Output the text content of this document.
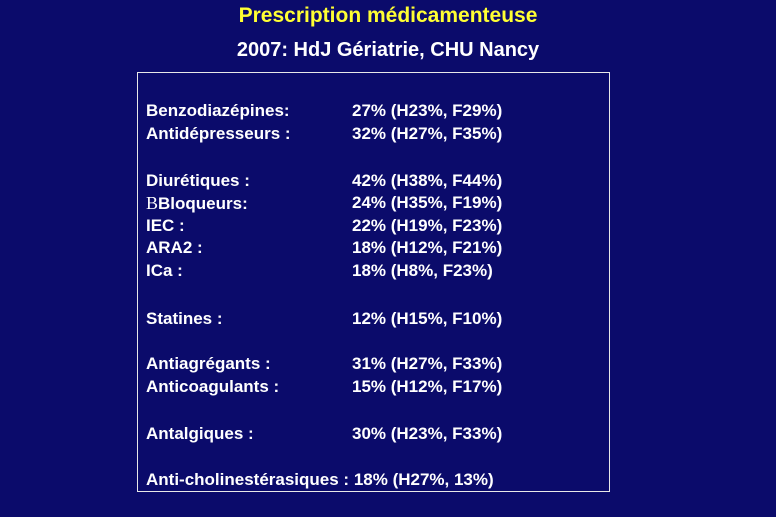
Prescription médicamenteuse
2007: HdJ Gériatrie, CHU Nancy
Benzodiazépines:	27% (H23%, F29%)
Antidépresseurs :	32% (H27%, F35%)
Diurétiques :	42% (H38%, F44%)
BBloqueurs:	24% (H35%, F19%)
IEC :	22% (H19%, F23%)
ARA2 :	18% (H12%, F21%)
ICa :	18% (H8%, F23%)
Statines :	12% (H15%, F10%)
Antiagrégants :	31% (H27%, F33%)
Anticoagulants :	15% (H12%, F17%)
Antalgiques :	30% (H23%, F33%)
Anti-cholinestérasiques : 18% (H27%, 13%)
